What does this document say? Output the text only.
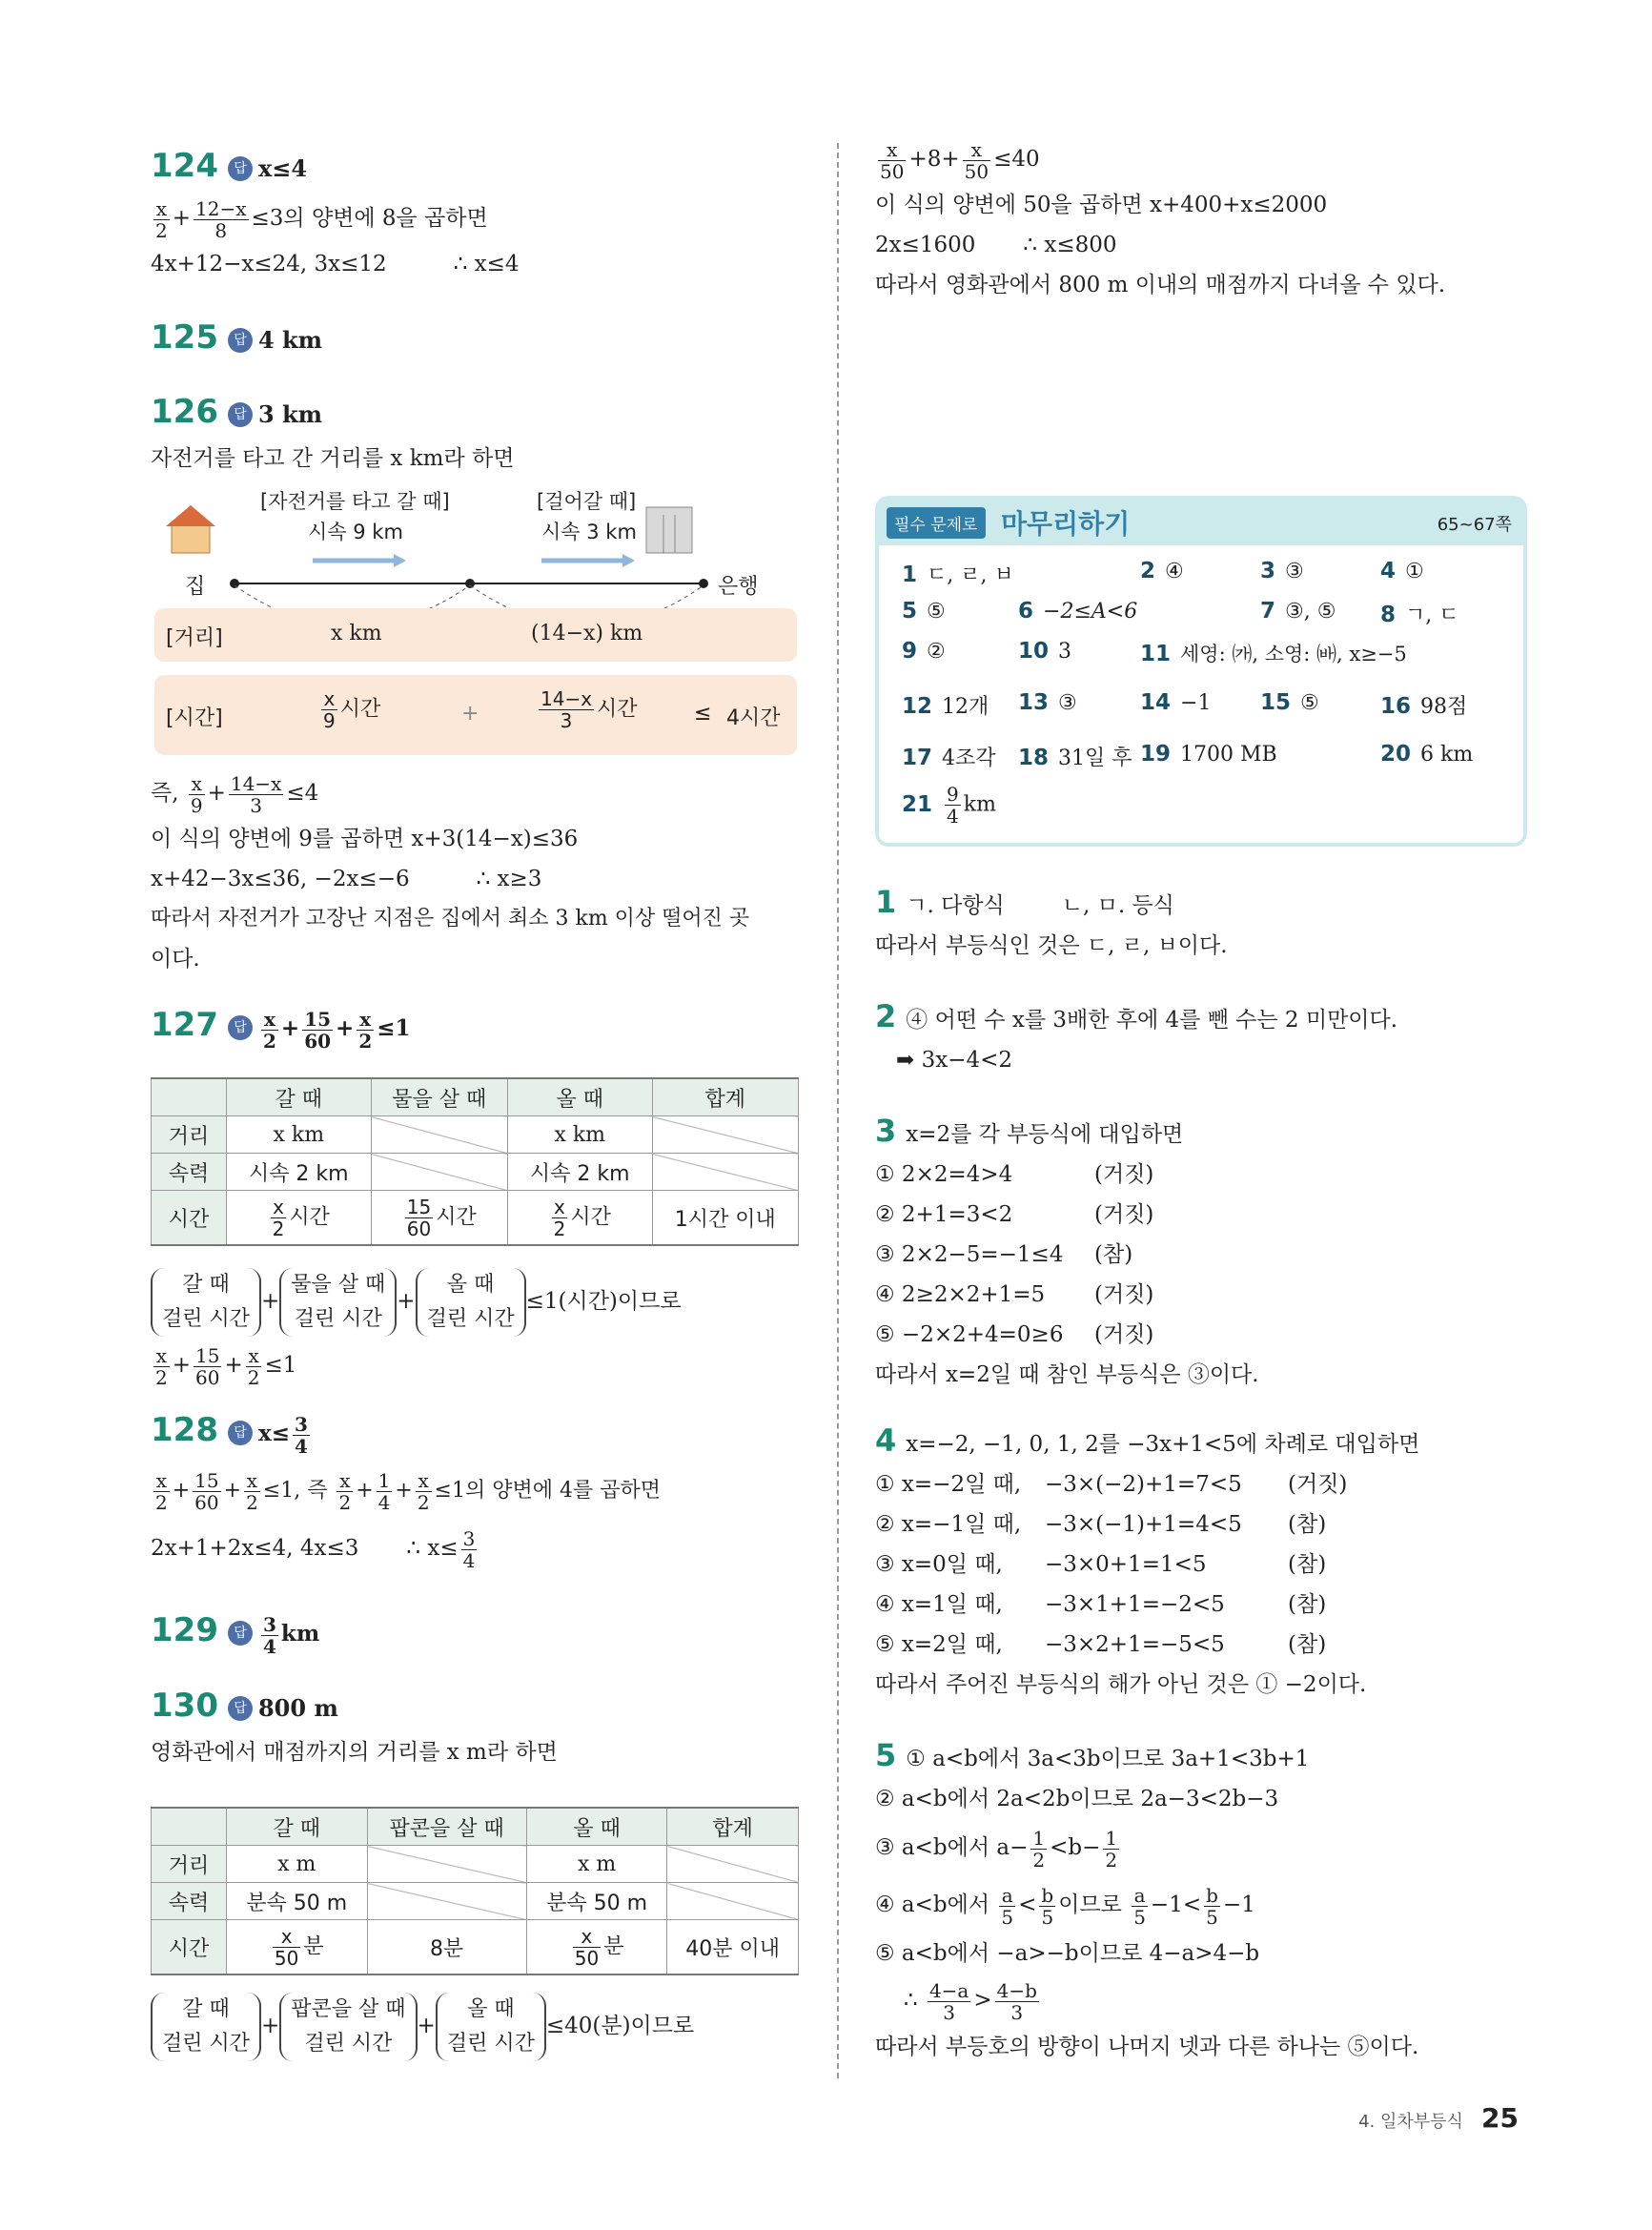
124 답 x≤4
$\frac{x}{2} + \frac{12-x}{8} \le 3$의 양변에 8을 곱하면
4x+12−x≤24, 3x≤12	∴ x≤4
125 답 4 km
126 답 3 km
자전거를 타고 간 거리를 x km라 하면
[자전거를 타고 갈 때]
시속 9 km
[걸어갈 때]
시속 3 km
집	은행
[거리]	x km	(14−x) km
[시간]	$\frac{x}{9}$ 시간	+	$\frac{14-x}{3}$ 시간	≤ 4시간
즉, $\frac{x}{9} + \frac{14-x}{3} \le 4$
이 식의 양변에 9를 곱하면 x+3(14−x)≤36
x+42−3x≤36, −2x≤−6	∴ x≥3
따라서 자전거가 고장난 지점은 집에서 최소 3 km 이상 떨어진 곳
이다.
127 답 $\frac{x}{2} + \frac{15}{60} + \frac{x}{2} \le 1$
	갈 때	물을 살 때	올 때	합계
거리	x km		x km	
속력	시속 2 km		시속 2 km	
시간	$\frac{x}{2}$ 시간	$\frac{15}{60}$ 시간	$\frac{x}{2}$ 시간	1시간 이내
갈 때
걸린 시간+물을 살 때
걸린 시간+올 때
걸린 시간≤1(시간)이므로
$\frac{x}{2} + \frac{15}{60} + \frac{x}{2} \le 1$
128 답 $x\le \frac{3}{4}$
$\frac{x}{2} + \frac{15}{60} + \frac{x}{2} \le 1$, 즉 $\frac{x}{2} + \frac{1}{4} + \frac{x}{2} \le 1$의 양변에 4를 곱하면
2x+1+2x≤4, 4x≤3 ∴ $x\le \frac{3}{4}$
129 답 $\frac{3}{4}$ km
130 답 800 m
영화관에서 매점까지의 거리를 x m라 하면
	갈 때	팝콘을 살 때	올 때	합계
거리	x m		x m	
속력	분속 50 m		분속 50 m	
시간	$\frac{x}{50}$ 분	8분	$\frac{x}{50}$ 분	40분 이내
갈 때
걸린 시간+팝콘을 살 때
걸린 시간+올 때
걸린 시간≤40(분)이므로
$\frac{x}{50} +8+ \frac{x}{50} \le 40$
이 식의 양변에 50을 곱하면 x+400+x≤2000
2x≤1600 ∴ x≤800
따라서 영화관에서 800 m 이내의 매점까지 다녀올 수 있다.
필수 문제로 마무리하기	65~67쪽
1 ㄷ, ㄹ, ㅂ	2 ④	3 ③	4 ①
5 ⑤	6 −2≤A<6	7 ③, ⑤ 8 ㄱ, ㄷ
9 ②	10 3	11 세영: ㈎, 소영: ㈓, x≥−5
12 12개 13 ③	14 −1 15 ⑤	16 98점
17 4조각 18 31일 후 19 1700 MB	20 6 km
$21 \frac{9}{4}$ km
1 ㄱ. 다항식	ㄴ, ㅁ. 등식
따라서 부등식인 것은 ㄷ, ㄹ, ㅂ이다.
2 ④ 어떤 수 x를 3배한 후에 4를 뺀 수는 2 미만이다.
➡ 3x−4<2
3 x=2를 각 부등식에 대입하면
① 2×2=4>4	(거짓)
② 2+1=3<2	(거짓)
③ 2×2−5=−1≤4 (참)
④ 2≥2×2+1=5 (거짓)
⑤ −2×2+4=0≥6 (거짓)
따라서 x=2일 때 참인 부등식은 ③이다.
4 x=−2, −1, 0, 1, 2를 −3x+1<5에 차례로 대입하면
① x=−2일 때, −3×(−2)+1=7<5 (거짓)
② x=−1일 때, −3×(−1)+1=4<5 (참)
③ x=0일 때, −3×0+1=1<5	(참)
④ x=1일 때, −3×1+1=−2<5	(참)
⑤ x=2일 때, −3×2+1=−5<5	(참)
따라서 주어진 부등식의 해가 아닌 것은 ① −2이다.
5 ① a<b에서 3a<3b이므로 3a+1<3b+1
② a<b에서 2a<2b이므로 2a−3<2b−3
③ a<b에서 $a- \frac{1}{2} <b- \frac{1}{2}$
④ a<b에서 $\frac{a}{5} < \frac{b}{5}$ 이므로 $\frac{a}{5} -1< \frac{b}{5} -1$
⑤ a<b에서 −a>−b이므로 4−a>4−b
∴ $\frac{4-a}{3} > \frac{4-b}{3}$
따라서 부등호의 방향이 나머지 넷과 다른 하나는 ⑤이다.
4. 일차부등식 25
